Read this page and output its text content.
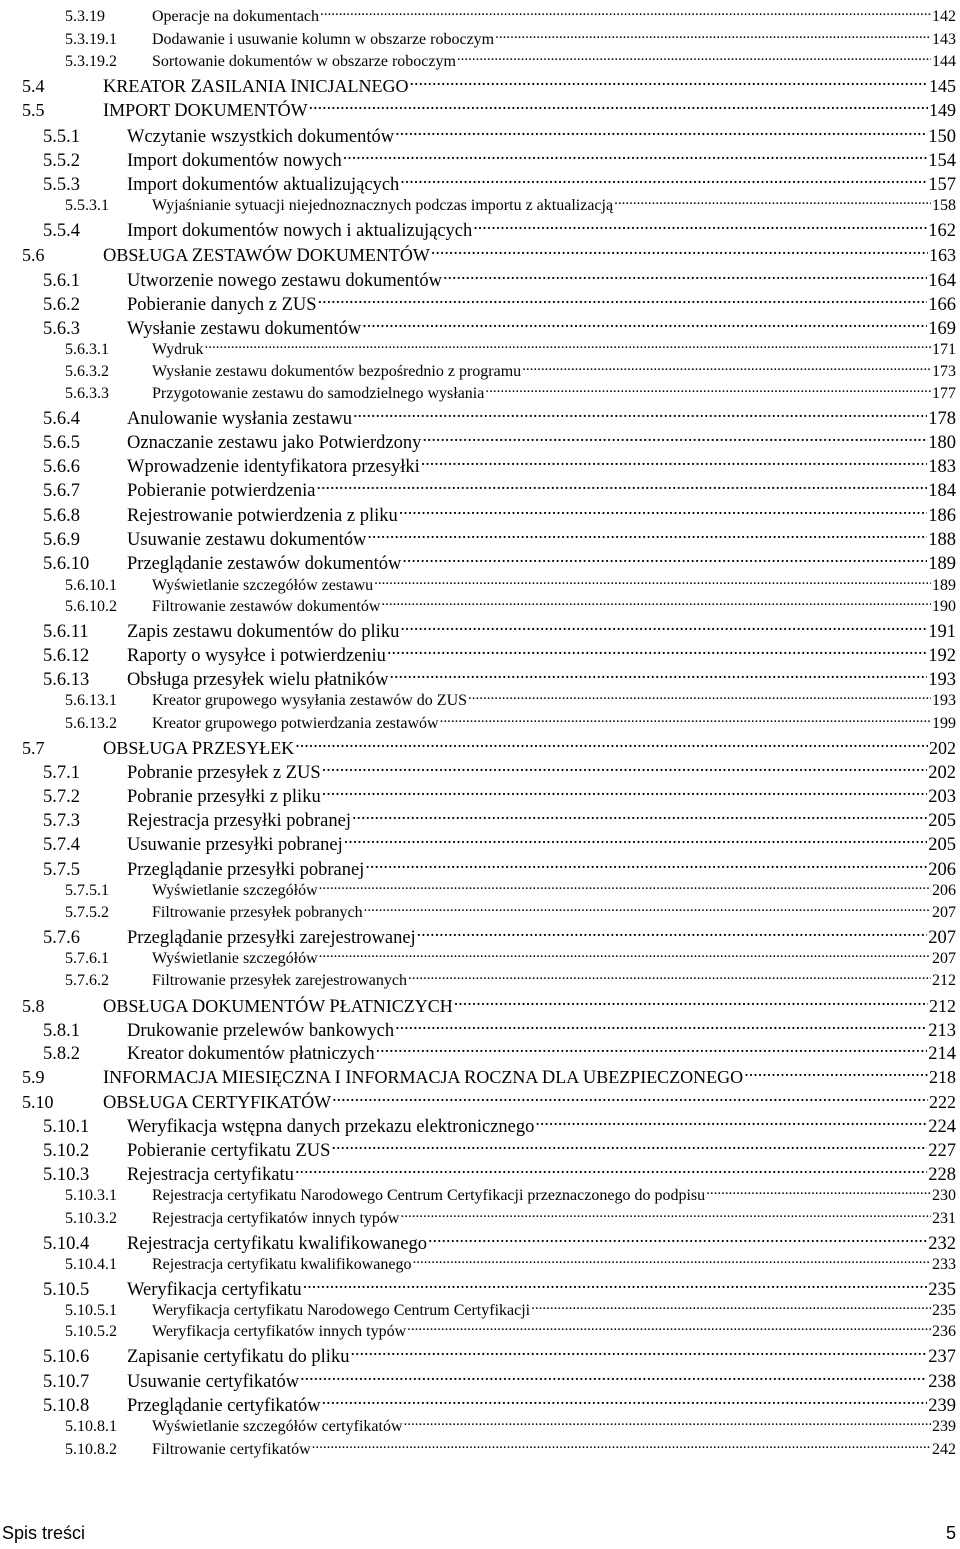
5.3.19	Operacje na dokumentach .....	142
5.3.19.1	Dodawanie i usuwanie kolumn w obszarze roboczym .....	143
5.3.19.2	Sortowanie dokumentów w obszarze roboczym .....	144
5.4	KREATOR ZASILANIA INICJALNEGO .....	145
5.5	IMPORT DOKUMENTÓW .....	149
5.5.1	Wczytanie wszystkich dokumentów .....	150
5.5.2	Import dokumentów nowych .....	154
5.5.3	Import dokumentów aktualizujących .....	157
5.5.3.1	Wyjaśnianie sytuacji niejednoznacznych podczas importu z aktualizacją .....	158
5.5.4	Import dokumentów nowych i aktualizujących .....	162
5.6	OBSŁUGA ZESTAWÓW DOKUMENTÓW .....	163
5.6.1	Utworzenie nowego zestawu dokumentów .....	164
5.6.2	Pobieranie danych z ZUS .....	166
5.6.3	Wysłanie zestawu dokumentów .....	169
5.6.3.1	Wydruk .....	171
5.6.3.2	Wysłanie zestawu dokumentów bezpośrednio z programu .....	173
5.6.3.3	Przygotowanie zestawu do samodzielnego wysłania .....	177
5.6.4	Anulowanie wysłania zestawu .....	178
5.6.5	Oznaczanie zestawu jako Potwierdzony .....	180
5.6.6	Wprowadzenie identyfikatora przesyłki .....	183
5.6.7	Pobieranie potwierdzenia .....	184
5.6.8	Rejestrowanie potwierdzenia z pliku .....	186
5.6.9	Usuwanie zestawu dokumentów .....	188
5.6.10	Przeglądanie zestawów dokumentów .....	189
5.6.10.1	Wyświetlanie szczegółów zestawu .....	189
5.6.10.2	Filtrowanie zestawów dokumentów .....	190
5.6.11	Zapis zestawu dokumentów do pliku .....	191
5.6.12	Raporty o wysyłce i potwierdzeniu .....	192
5.6.13	Obsługa przesyłek wielu płatników .....	193
5.6.13.1	Kreator grupowego wysyłania zestawów do ZUS .....	193
5.6.13.2	Kreator grupowego potwierdzania zestawów .....	199
5.7	OBSŁUGA PRZESYŁEK .....	202
5.7.1	Pobranie przesyłek z ZUS .....	202
5.7.2	Pobranie przesyłki z pliku .....	203
5.7.3	Rejestracja przesyłki pobranej .....	205
5.7.4	Usuwanie przesyłki pobranej .....	205
5.7.5	Przeglądanie przesyłki pobranej .....	206
5.7.5.1	Wyświetlanie szczegółów .....	206
5.7.5.2	Filtrowanie przesyłek pobranych .....	207
5.7.6	Przeglądanie przesyłki zarejestrowanej .....	207
5.7.6.1	Wyświetlanie szczegółów .....	207
5.7.6.2	Filtrowanie przesyłek zarejestrowanych .....	212
5.8	OBSŁUGA DOKUMENTÓW PŁATNICZYCH .....	212
5.8.1	Drukowanie przelewów bankowych .....	213
5.8.2	Kreator dokumentów płatniczych .....	214
5.9	INFORMACJA MIESIĘCZNA I INFORMACJA ROCZNA DLA UBEZPIECZONEGO .....	218
5.10	OBSŁUGA CERTYFIKATÓW .....	222
5.10.1	Weryfikacja wstępna danych przekazu elektronicznego .....	224
5.10.2	Pobieranie certyfikatu ZUS .....	227
5.10.3	Rejestracja certyfikatu .....	228
5.10.3.1	Rejestracja certyfikatu Narodowego Centrum Certyfikacji przeznaczonego do podpisu .....	230
5.10.3.2	Rejestracja certyfikatów innych typów .....	231
5.10.4	Rejestracja certyfikatu kwalifikowanego .....	232
5.10.4.1	Rejestracja certyfikatu kwalifikowanego .....	233
5.10.5	Weryfikacja certyfikatu .....	235
5.10.5.1	Weryfikacja certyfikatu Narodowego Centrum Certyfikacji .....	235
5.10.5.2	Weryfikacja certyfikatów innych typów .....	236
5.10.6	Zapisanie certyfikatu do pliku .....	237
5.10.7	Usuwanie certyfikatów .....	238
5.10.8	Przeglądanie certyfikatów .....	239
5.10.8.1	Wyświetlanie szczegółów certyfikatów .....	239
5.10.8.2	Filtrowanie certyfikatów .....	242
Spis treści	5
